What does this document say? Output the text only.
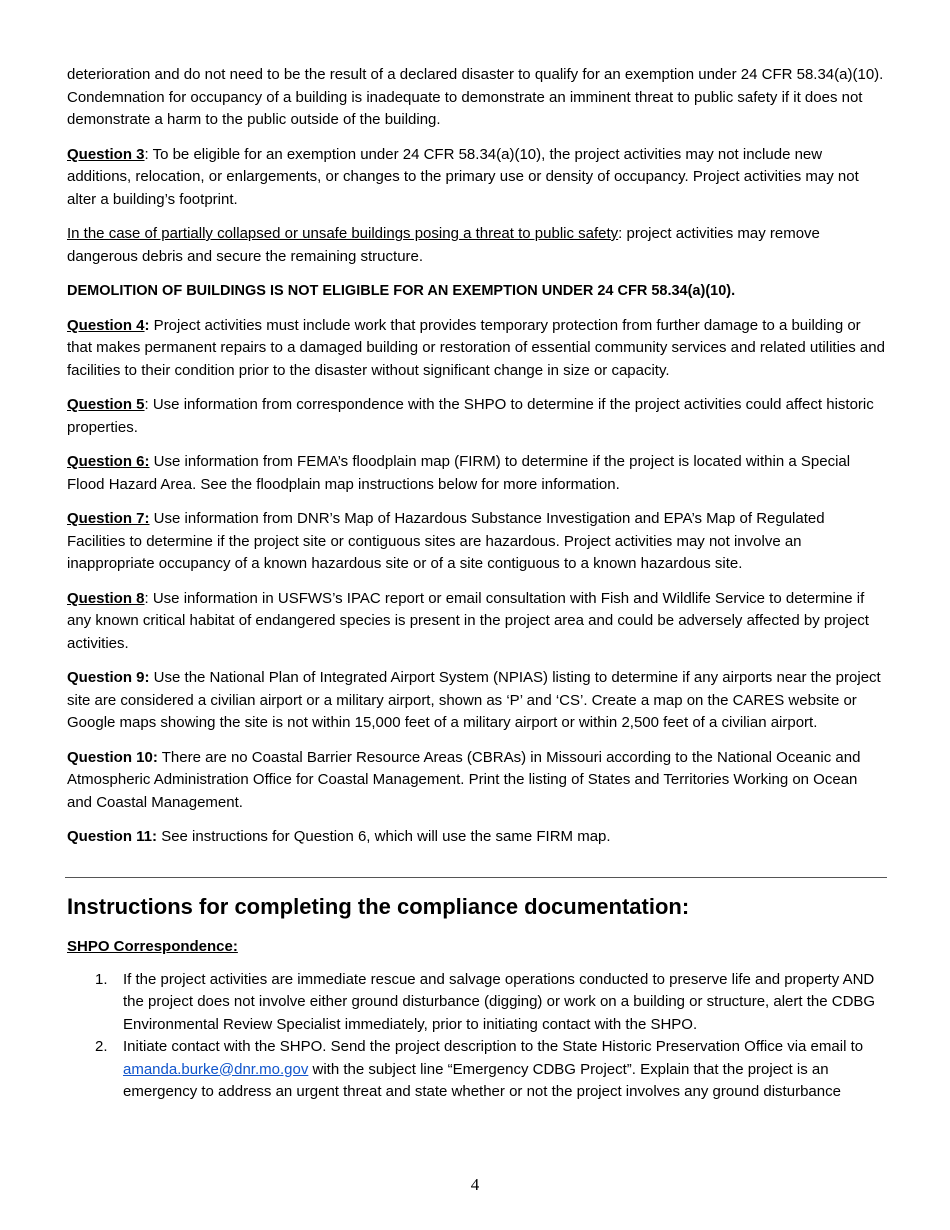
deterioration and do not need to be the result of a declared disaster to qualify for an exemption under 24 CFR 58.34(a)(10). Condemnation for occupancy of a building is inadequate to demonstrate an imminent threat to public safety if it does not demonstrate a harm to the public outside of the building.

Question 3: To be eligible for an exemption under 24 CFR 58.34(a)(10), the project activities may not include new additions, relocation, or enlargements, or changes to the primary use or density of occupancy. Project activities may not alter a building’s footprint.

In the case of partially collapsed or unsafe buildings posing a threat to public safety: project activities may remove dangerous debris and secure the remaining structure.

DEMOLITION OF BUILDINGS IS NOT ELIGIBLE FOR AN EXEMPTION UNDER 24 CFR 58.34(a)(10).

Question 4: Project activities must include work that provides temporary protection from further damage to a building or that makes permanent repairs to a damaged building or restoration of essential community services and related utilities and facilities to their condition prior to the disaster without significant change in size or capacity.

Question 5: Use information from correspondence with the SHPO to determine if the project activities could affect historic properties.

Question 6: Use information from FEMA’s floodplain map (FIRM) to determine if the project is located within a Special Flood Hazard Area. See the floodplain map instructions below for more information.

Question 7: Use information from DNR’s Map of Hazardous Substance Investigation and EPA’s Map of Regulated Facilities to determine if the project site or contiguous sites are hazardous. Project activities may not involve an inappropriate occupancy of a known hazardous site or of a site contiguous to a known hazardous site.

Question 8: Use information in USFWS’s IPAC report or email consultation with Fish and Wildlife Service to determine if any known critical habitat of endangered species is present in the project area and could be adversely affected by project activities.

Question 9: Use the National Plan of Integrated Airport System (NPIAS) listing to determine if any airports near the project site are considered a civilian airport or a military airport, shown as ‘P’ and ‘CS’. Create a map on the CARES website or Google maps showing the site is not within 15,000 feet of a military airport or within 2,500 feet of a civilian airport.

Question 10: There are no Coastal Barrier Resource Areas (CBRAs) in Missouri according to the National Oceanic and Atmospheric Administration Office for Coastal Management. Print the listing of States and Territories Working on Ocean and Coastal Management.

Question 11: See instructions for Question 6, which will use the same FIRM map.

Instructions for completing the compliance documentation:
SHPO Correspondence:
1. If the project activities are immediate rescue and salvage operations conducted to preserve life and property AND the project does not involve either ground disturbance (digging) or work on a building or structure, alert the CDBG Environmental Review Specialist immediately, prior to initiating contact with the SHPO.
2. Initiate contact with the SHPO. Send the project description to the State Historic Preservation Office via email to amanda.burke@dnr.mo.gov with the subject line “Emergency CDBG Project”. Explain that the project is an emergency to address an urgent threat and state whether or not the project involves any ground disturbance
4
